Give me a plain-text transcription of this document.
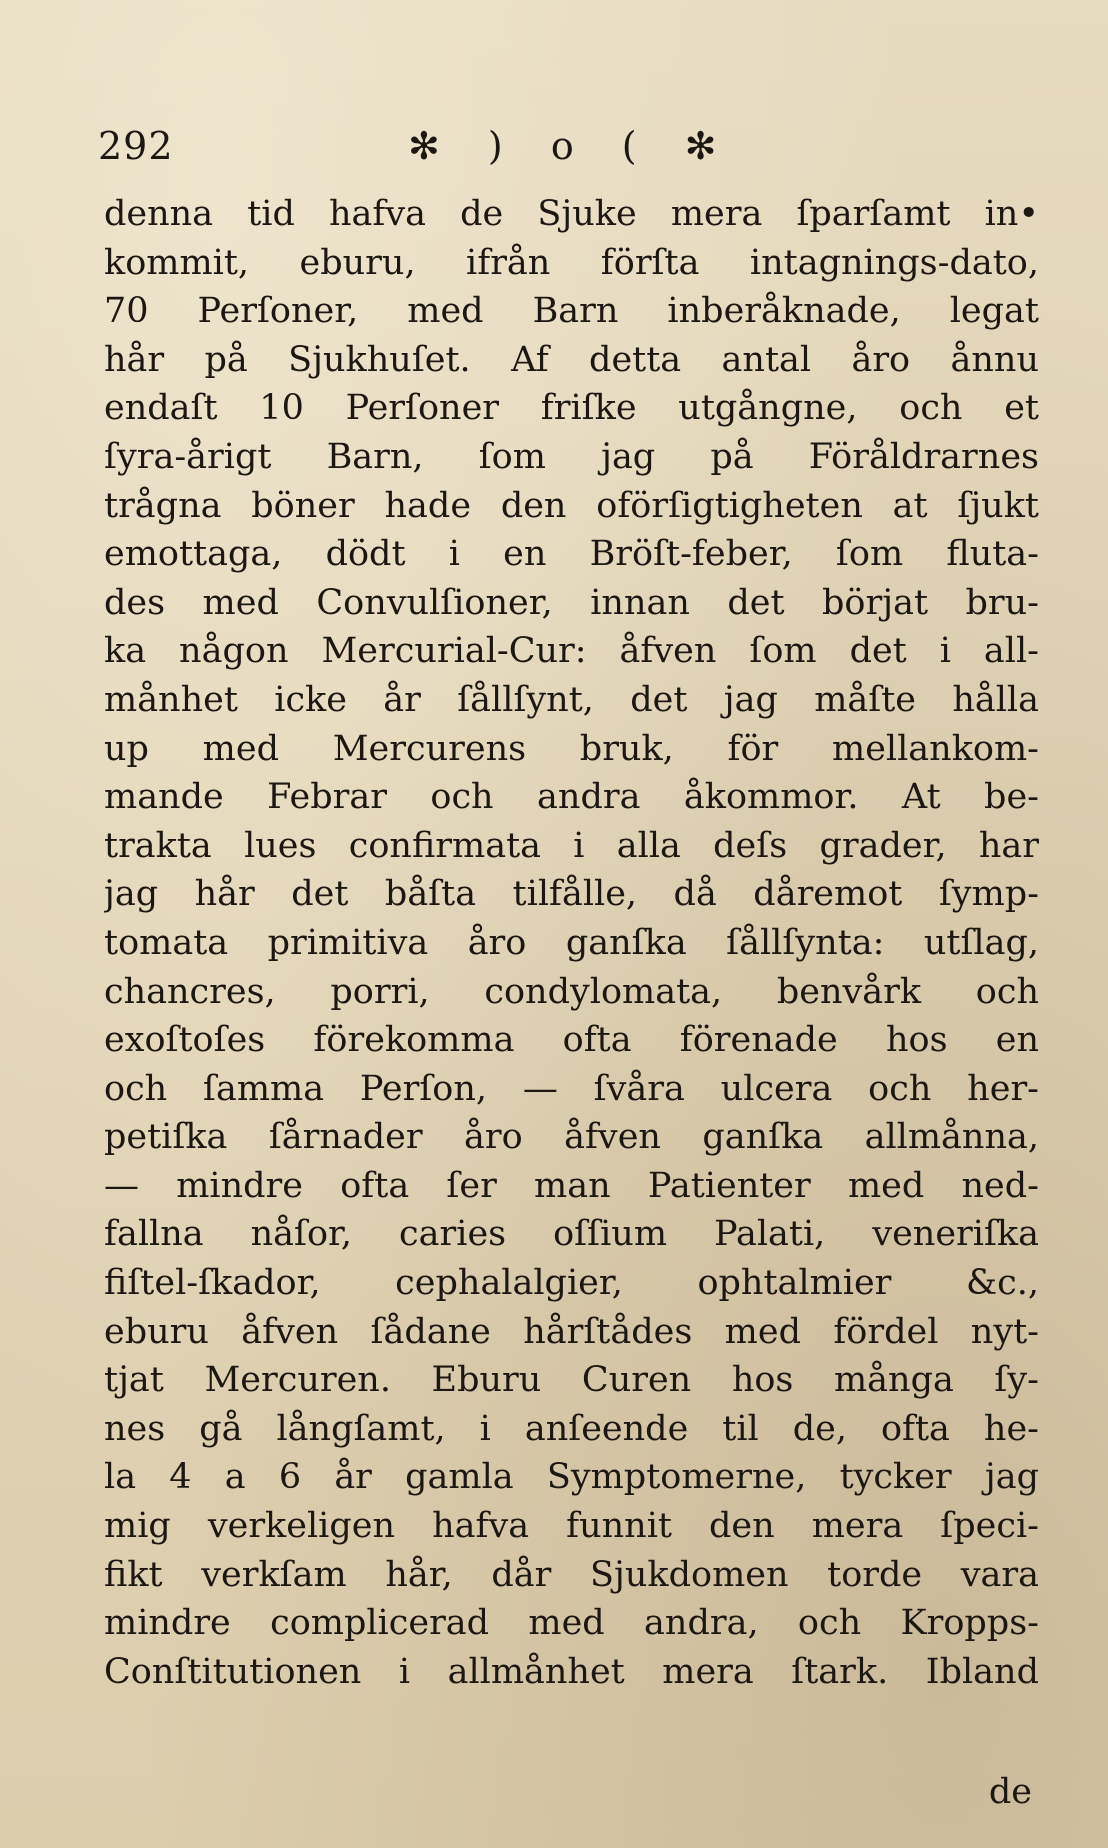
292	✻ ) o ( ✻
denna tid hafva de Sjuke mera ſparſamt in•
kommit, eburu, ifrån förſta intagnings-dato,
70 Perſoner, med Barn inberåknade, legat
hår på Sjukhuſet. Af detta antal åro ånnu
endaſt 10 Perſoner friſke utgångne, och et
ſyra-årigt Barn, ſom jag på Föråldrarnes
trågna böner hade den oförſigtigheten at ſjukt
emottaga, dödt i en Bröſt-feber, ſom fluta-
des med Convulſioner, innan det börjat bru-
ka någon Mercurial-Cur: åfven ſom det i all-
månhet icke år ſållſynt, det jag måſte hålla
up med Mercurens bruk, för mellankom-
mande Febrar och andra åkommor. At be-
trakta lues confirmata i alla deſs grader, har
jag hår det båſta tilfålle, då dåremot ſymp-
tomata primitiva åro ganſka ſållſynta: utſlag,
chancres, porri, condylomata, benvårk och
exoſtoſes förekomma ofta förenade hos en
och ſamma Perſon, — ſvåra ulcera och her-
petiſka ſårnader åro åfven ganſka allmånna,
— mindre ofta ſer man Patienter med ned-
fallna nåſor, caries oſſium Palati, veneriſka
fiſtel-ſkador, cephalalgier, ophtalmier &c.,
eburu åfven ſådane hårſtådes med fördel nyt-
tjat Mercuren. Eburu Curen hos många ſy-
nes gå långſamt, i anſeende til de, ofta he-
la 4 a 6 år gamla Symptomerne, tycker jag
mig verkeligen hafva funnit den mera ſpeci-
fikt verkſam hår, dår Sjukdomen torde vara
mindre complicerad med andra, och Kropps-
Conſtitutionen i allmånhet mera ſtark. Ibland
de
